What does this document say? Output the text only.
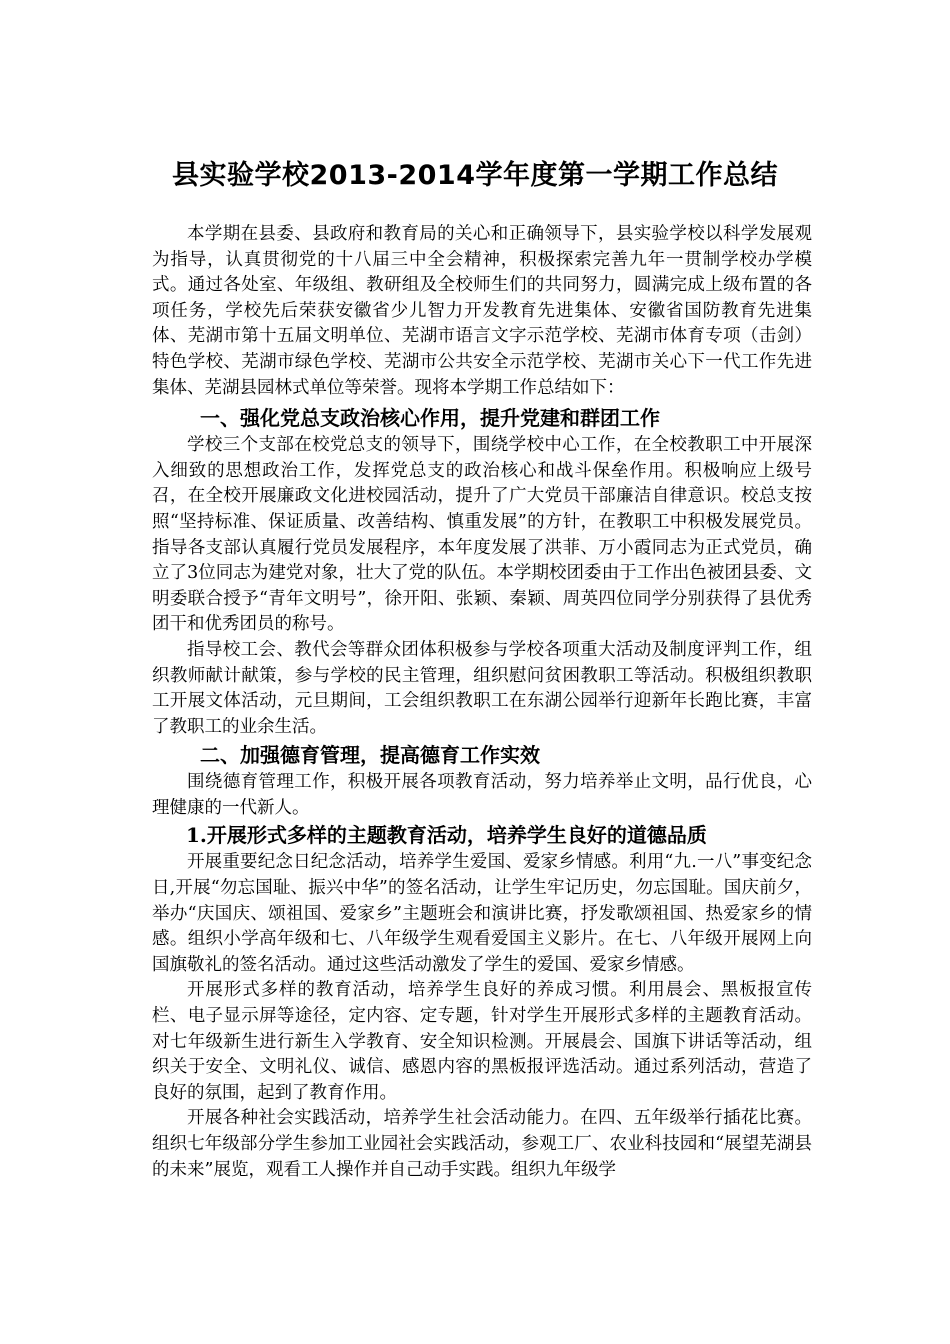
县实验学校2013-2014学年度第一学期工作总结

本学期在县委、县政府和教育局的关心和正确领导下，县实验学校以科学发展观为指导，认真贯彻党的十八届三中全会精神，积极探索完善九年一贯制学校办学模式。通过各处室、年级组、教研组及全校师生们的共同努力，圆满完成上级布置的各项任务，学校先后荣获安徽省少儿智力开发教育先进集体、安徽省国防教育先进集体、芜湖市第十五届文明单位、芜湖市语言文字示范学校、芜湖市体育专项（击剑）特色学校、芜湖市绿色学校、芜湖市公共安全示范学校、芜湖市关心下一代工作先进集体、芜湖县园林式单位等荣誉。现将本学期工作总结如下：

一、强化党总支政治核心作用，提升党建和群团工作

学校三个支部在校党总支的领导下，围绕学校中心工作，在全校教职工中开展深入细致的思想政治工作，发挥党总支的政治核心和战斗保垒作用。积极响应上级号召，在全校开展廉政文化进校园活动，提升了广大党员干部廉洁自律意识。校总支按照“坚持标准、保证质量、改善结构、慎重发展”的方针，在教职工中积极发展党员。指导各支部认真履行党员发展程序，本年度发展了洪菲、万小霞同志为正式党员，确立了3位同志为建党对象，壮大了党的队伍。本学期校团委由于工作出色被团县委、文明委联合授予“青年文明号”，徐开阳、张颖、秦颖、周英四位同学分别获得了县优秀团干和优秀团员的称号。

指导校工会、教代会等群众团体积极参与学校各项重大活动及制度评判工作，组织教师献计献策，参与学校的民主管理，组织慰问贫困教职工等活动。积极组织教职工开展文体活动，元旦期间，工会组织教职工在东湖公园举行迎新年长跑比赛，丰富了教职工的业余生活。

二、加强德育管理，提高德育工作实效

围绕德育管理工作，积极开展各项教育活动，努力培养举止文明，品行优良，心理健康的一代新人。

1.开展形式多样的主题教育活动，培养学生良好的道德品质

开展重要纪念日纪念活动，培养学生爱国、爱家乡情感。利用“九.一八”事变纪念日,开展“勿忘国耻、振兴中华”的签名活动，让学生牢记历史，勿忘国耻。国庆前夕，举办“庆国庆、颂祖国、爱家乡”主题班会和演讲比赛，抒发歌颂祖国、热爱家乡的情感。组织小学高年级和七、八年级学生观看爱国主义影片。在七、八年级开展网上向国旗敬礼的签名活动。通过这些活动激发了学生的爱国、爱家乡情感。

开展形式多样的教育活动，培养学生良好的养成习惯。利用晨会、黑板报宣传栏、电子显示屏等途径，定内容、定专题，针对学生开展形式多样的主题教育活动。对七年级新生进行新生入学教育、安全知识检测。开展晨会、国旗下讲话等活动，组织关于安全、文明礼仪、诚信、感恩内容的黑板报评选活动。通过系列活动，营造了良好的氛围，起到了教育作用。

开展各种社会实践活动，培养学生社会活动能力。在四、五年级举行插花比赛。组织七年级部分学生参加工业园社会实践活动，参观工厂、农业科技园和“展望芜湖县的未来”展览，观看工人操作并自己动手实践。组织九年级学
